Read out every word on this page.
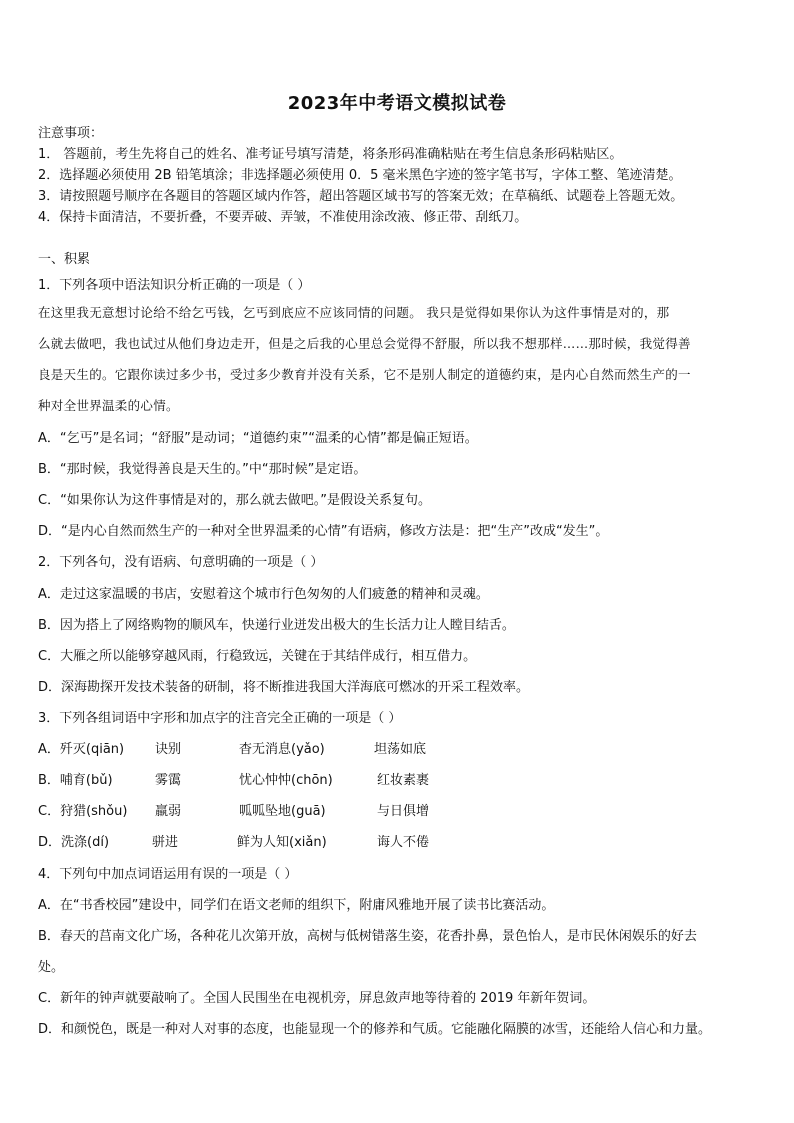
2023年中考语文模拟试卷
注意事项：
1． 答题前，考生先将自己的姓名、准考证号填写清楚，将条形码准确粘贴在考生信息条形码粘贴区。
2．选择题必须使用 2B 铅笔填涂；非选择题必须使用 0．5 毫米黑色字迹的签字笔书写，字体工整、笔迹清楚。
3．请按照题号顺序在各题目的答题区域内作答，超出答题区域书写的答案无效；在草稿纸、试题卷上答题无效。
4．保持卡面清洁，不要折叠，不要弄破、弄皱，不准使用涂改液、修正带、刮纸刀。
一、积累
1．下列各项中语法知识分析正确的一项是（ ）
在这里我无意想讨论给不给乞丐钱，乞丐到底应不应该同情的问题。 我只是觉得如果你认为这件事情是对的，那
么就去做吧，我也试过从他们身边走开，但是之后我的心里总会觉得不舒服，所以我不想那样……那时候，我觉得善
良是天生的。它跟你读过多少书，受过多少教育并没有关系，它不是别人制定的道德约束，是内心自然而然生产的一
种对全世界温柔的心情。
A．“乞丐”是名词；“舒服”是动词；“道德约束”“温柔的心情”都是偏正短语。
B．“那时候，我觉得善良是天生的。”中“那时候”是定语。
C．“如果你认为这件事情是对的，那么就去做吧。”是假设关系复句。
D．“是内心自然而然生产的一种对全世界温柔的心情”有语病，修改方法是：把“生产”改成“发生”。
2．下列各句，没有语病、句意明确的一项是（ ）
A．走过这家温暖的书店，安慰着这个城市行色匆匆的人们疲惫的精神和灵魂。
B．因为搭上了网络购物的顺风车，快递行业迸发出极大的生长活力让人瞠目结舌。
C．大雁之所以能够穿越风雨，行稳致远，关键在于其结伴成行，相互借力。
D．深海勘探开发技术装备的研制，将不断推进我国大洋海底可燃冰的开采工程效率。
3．下列各组词语中字形和加点字的注音完全正确的一项是（ ）
A．歼灭(qiān) 诀别	杳无消息(yǎo)	坦荡如底
B．哺育(bǔ)	雾霭	忧心忡忡(chōn)	红妆素裹
C．狩猎(shǒu) 羸弱	呱呱坠地(guā)	与日俱增
D．洗涤(dí)	骈进	鲜为人知(xiǎn)	诲人不倦
4．下列句中加点词语运用有误的一项是（ ）
A．在“书香校园”建设中，同学们在语文老师的组织下，附庸风雅地开展了读书比赛活动。
B．春天的莒南文化广场，各种花儿次第开放，高树与低树错落生姿，花香扑鼻，景色怡人，是市民休闲娱乐的好去
处。
C．新年的钟声就要敲响了。全国人民围坐在电视机旁，屏息敛声地等待着的 2019 年新年贺词。
D．和颜悦色，既是一种对人对事的态度，也能显现一个的修养和气质。它能融化隔膜的冰雪，还能给人信心和力量。
